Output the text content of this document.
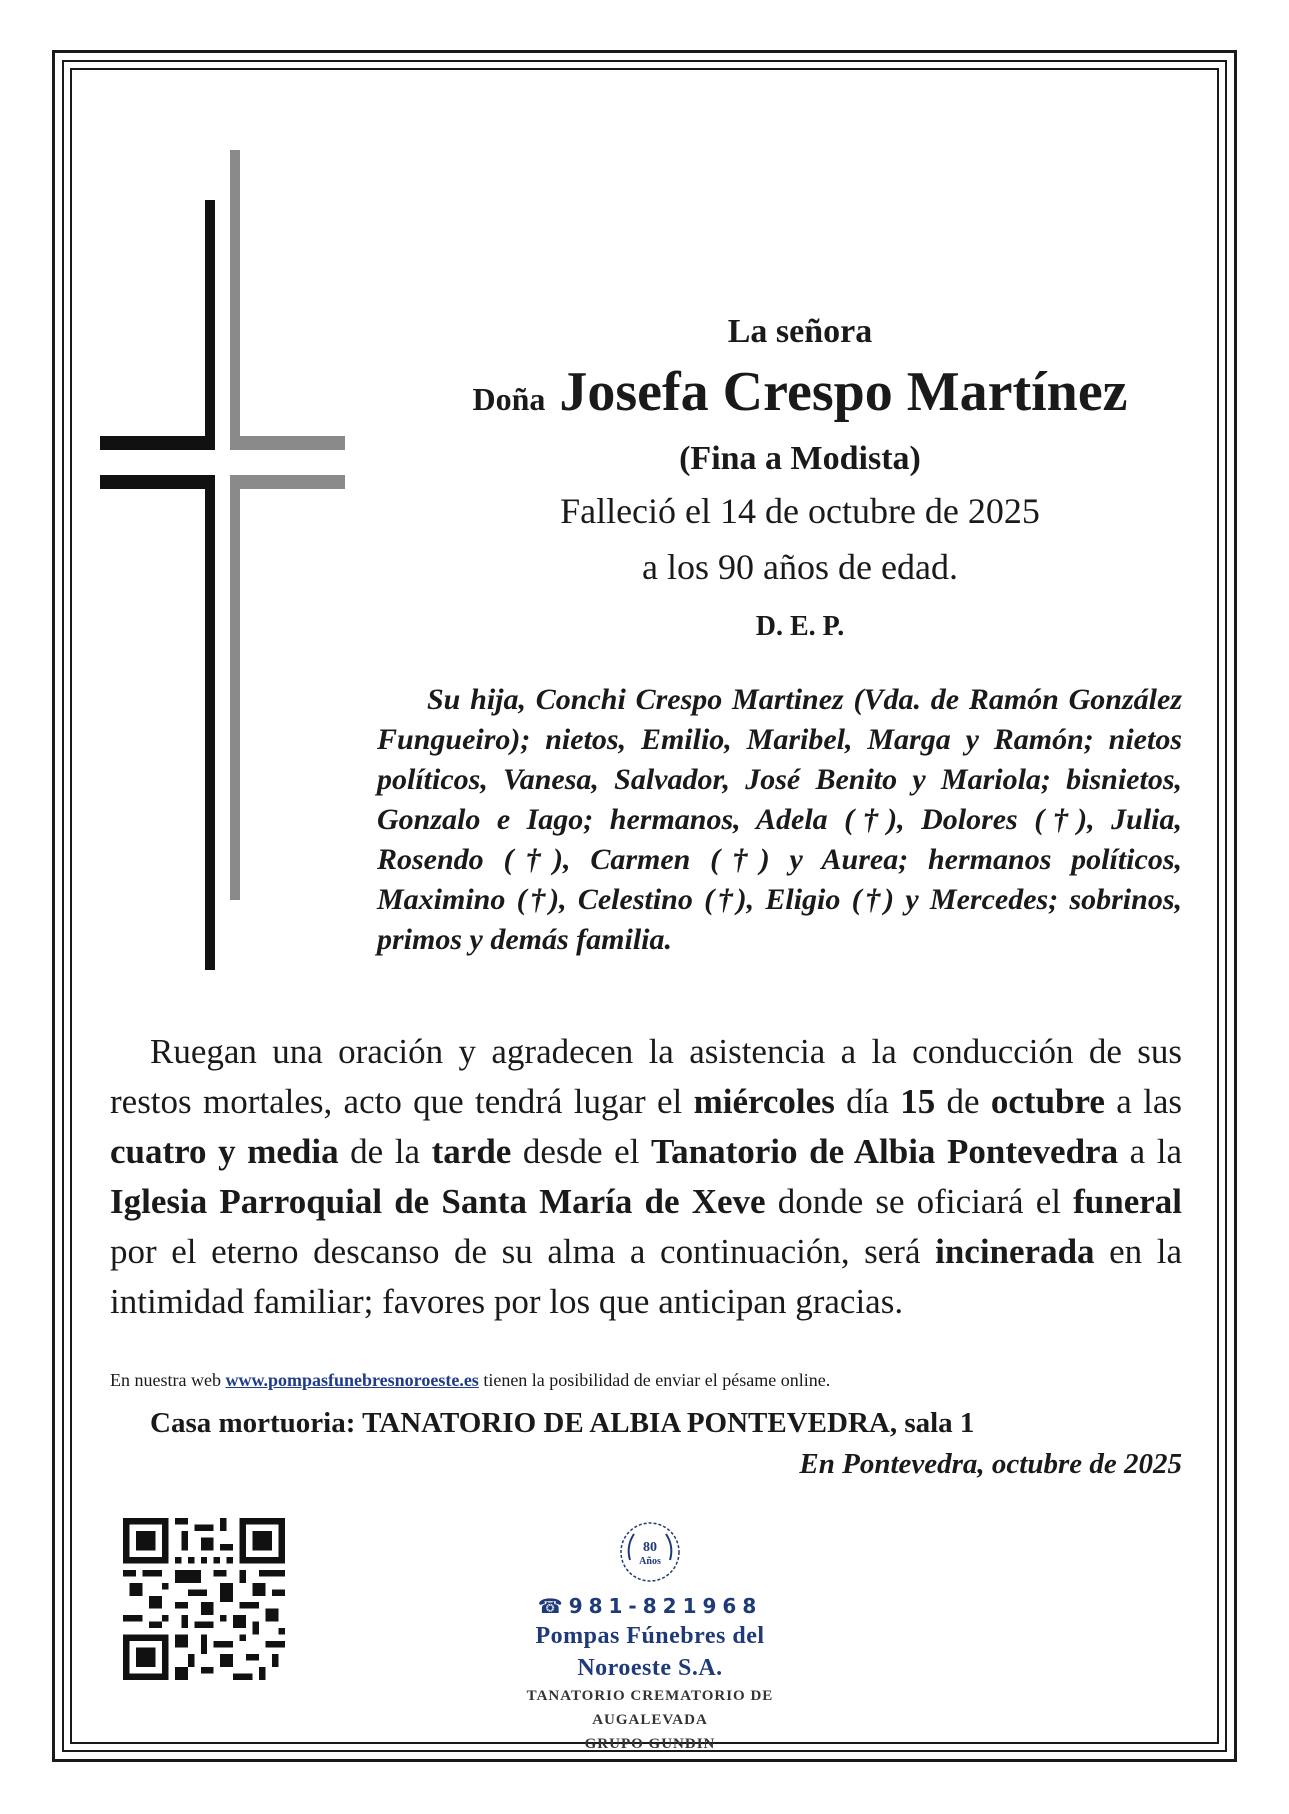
La señora
Doña Josefa Crespo Martínez
(Fina a Modista)
Falleció el 14 de octubre de 2025
a los 90 años de edad.
D. E. P.
Su hija, Conchi Crespo Martinez (Vda. de Ramón González Fungueiro); nietos, Emilio, Maribel, Marga y Ramón; nietos políticos, Vanesa, Salvador, José Benito y Mariola; bisnietos, Gonzalo e Iago; hermanos, Adela (†), Dolores (†), Julia, Rosendo (†), Carmen (†) y Aurea; hermanos políticos, Maximino (†), Celestino (†), Eligio (†) y Mercedes; sobrinos, primos y demás familia.
Ruegan una oración y agradecen la asistencia a la conducción de sus restos mortales, acto que tendrá lugar el miércoles día 15 de octubre a las cuatro y media de la tarde desde el Tanatorio de Albia Pontevedra a la Iglesia Parroquial de Santa María de Xeve donde se oficiará el funeral por el eterno descanso de su alma a continuación, será incinerada en la intimidad familiar; favores por los que anticipan gracias.
En nuestra web www.pompasfunebresnoroeste.es tienen la posibilidad de enviar el pésame online.
Casa mortuoria: TANATORIO DE ALBIA PONTEVEDRA, sala 1
En Pontevedra, octubre de 2025
80
Años
☎981-821968
Pompas Fúnebres del Noroeste S.A.
TANATORIO CREMATORIO DE AUGALEVADA
GRUPO GUNDIN
